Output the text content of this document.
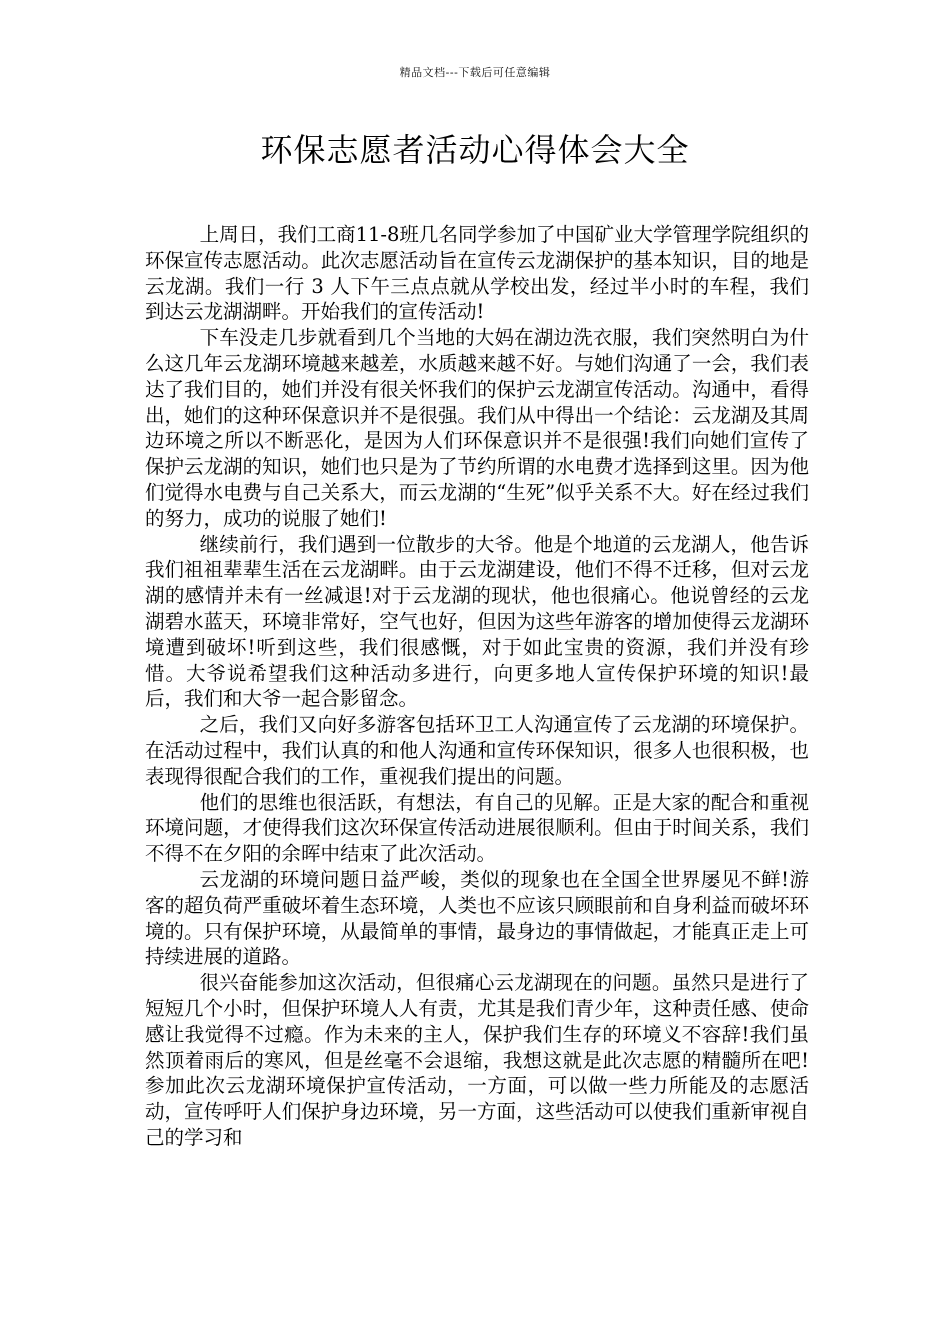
精品文档---下载后可任意编辑
环保志愿者活动心得体会大全

上周日，我们工商11-8班几名同学参加了中国矿业大学管理学院组织的环保宣传志愿活动。此次志愿活动旨在宣传云龙湖保护的基本知识，目的地是云龙湖。我们一行 3 人下午三点点就从学校出发，经过半小时的车程，我们到达云龙湖湖畔。开始我们的宣传活动!

下车没走几步就看到几个当地的大妈在湖边洗衣服，我们突然明白为什么这几年云龙湖环境越来越差，水质越来越不好。与她们沟通了一会，我们表达了我们目的，她们并没有很关怀我们的保护云龙湖宣传活动。沟通中，看得出，她们的这种环保意识并不是很强。我们从中得出一个结论：云龙湖及其周边环境之所以不断恶化，是因为人们环保意识并不是很强!我们向她们宣传了保护云龙湖的知识，她们也只是为了节约所谓的水电费才选择到这里。因为他们觉得水电费与自己关系大，而云龙湖的“生死”似乎关系不大。好在经过我们的努力，成功的说服了她们!

继续前行，我们遇到一位散步的大爷。他是个地道的云龙湖人，他告诉我们祖祖辈辈生活在云龙湖畔。由于云龙湖建设，他们不得不迁移，但对云龙湖的感情并未有一丝减退!对于云龙湖的现状，他也很痛心。他说曾经的云龙湖碧水蓝天，环境非常好，空气也好，但因为这些年游客的增加使得云龙湖环境遭到破坏!听到这些，我们很感慨，对于如此宝贵的资源，我们并没有珍惜。大爷说希望我们这种活动多进行，向更多地人宣传保护环境的知识!最后，我们和大爷一起合影留念。

之后，我们又向好多游客包括环卫工人沟通宣传了云龙湖的环境保护。在活动过程中，我们认真的和他人沟通和宣传环保知识，很多人也很积极，也表现得很配合我们的工作，重视我们提出的问题。

他们的思维也很活跃，有想法，有自己的见解。正是大家的配合和重视环境问题，才使得我们这次环保宣传活动进展很顺利。但由于时间关系，我们不得不在夕阳的余晖中结束了此次活动。

云龙湖的环境问题日益严峻，类似的现象也在全国全世界屡见不鲜!游客的超负荷严重破坏着生态环境，人类也不应该只顾眼前和自身利益而破坏环境的。只有保护环境，从最简单的事情，最身边的事情做起，才能真正走上可持续进展的道路。

很兴奋能参加这次活动，但很痛心云龙湖现在的问题。虽然只是进行了短短几个小时，但保护环境人人有责，尤其是我们青少年，这种责任感、使命感让我觉得不过瘾。作为未来的主人，保护我们生存的环境义不容辞!我们虽然顶着雨后的寒风，但是丝毫不会退缩，我想这就是此次志愿的精髓所在吧!参加此次云龙湖环境保护宣传活动，一方面，可以做一些力所能及的志愿活动，宣传呼吁人们保护身边环境，另一方面，这些活动可以使我们重新审视自己的学习和
